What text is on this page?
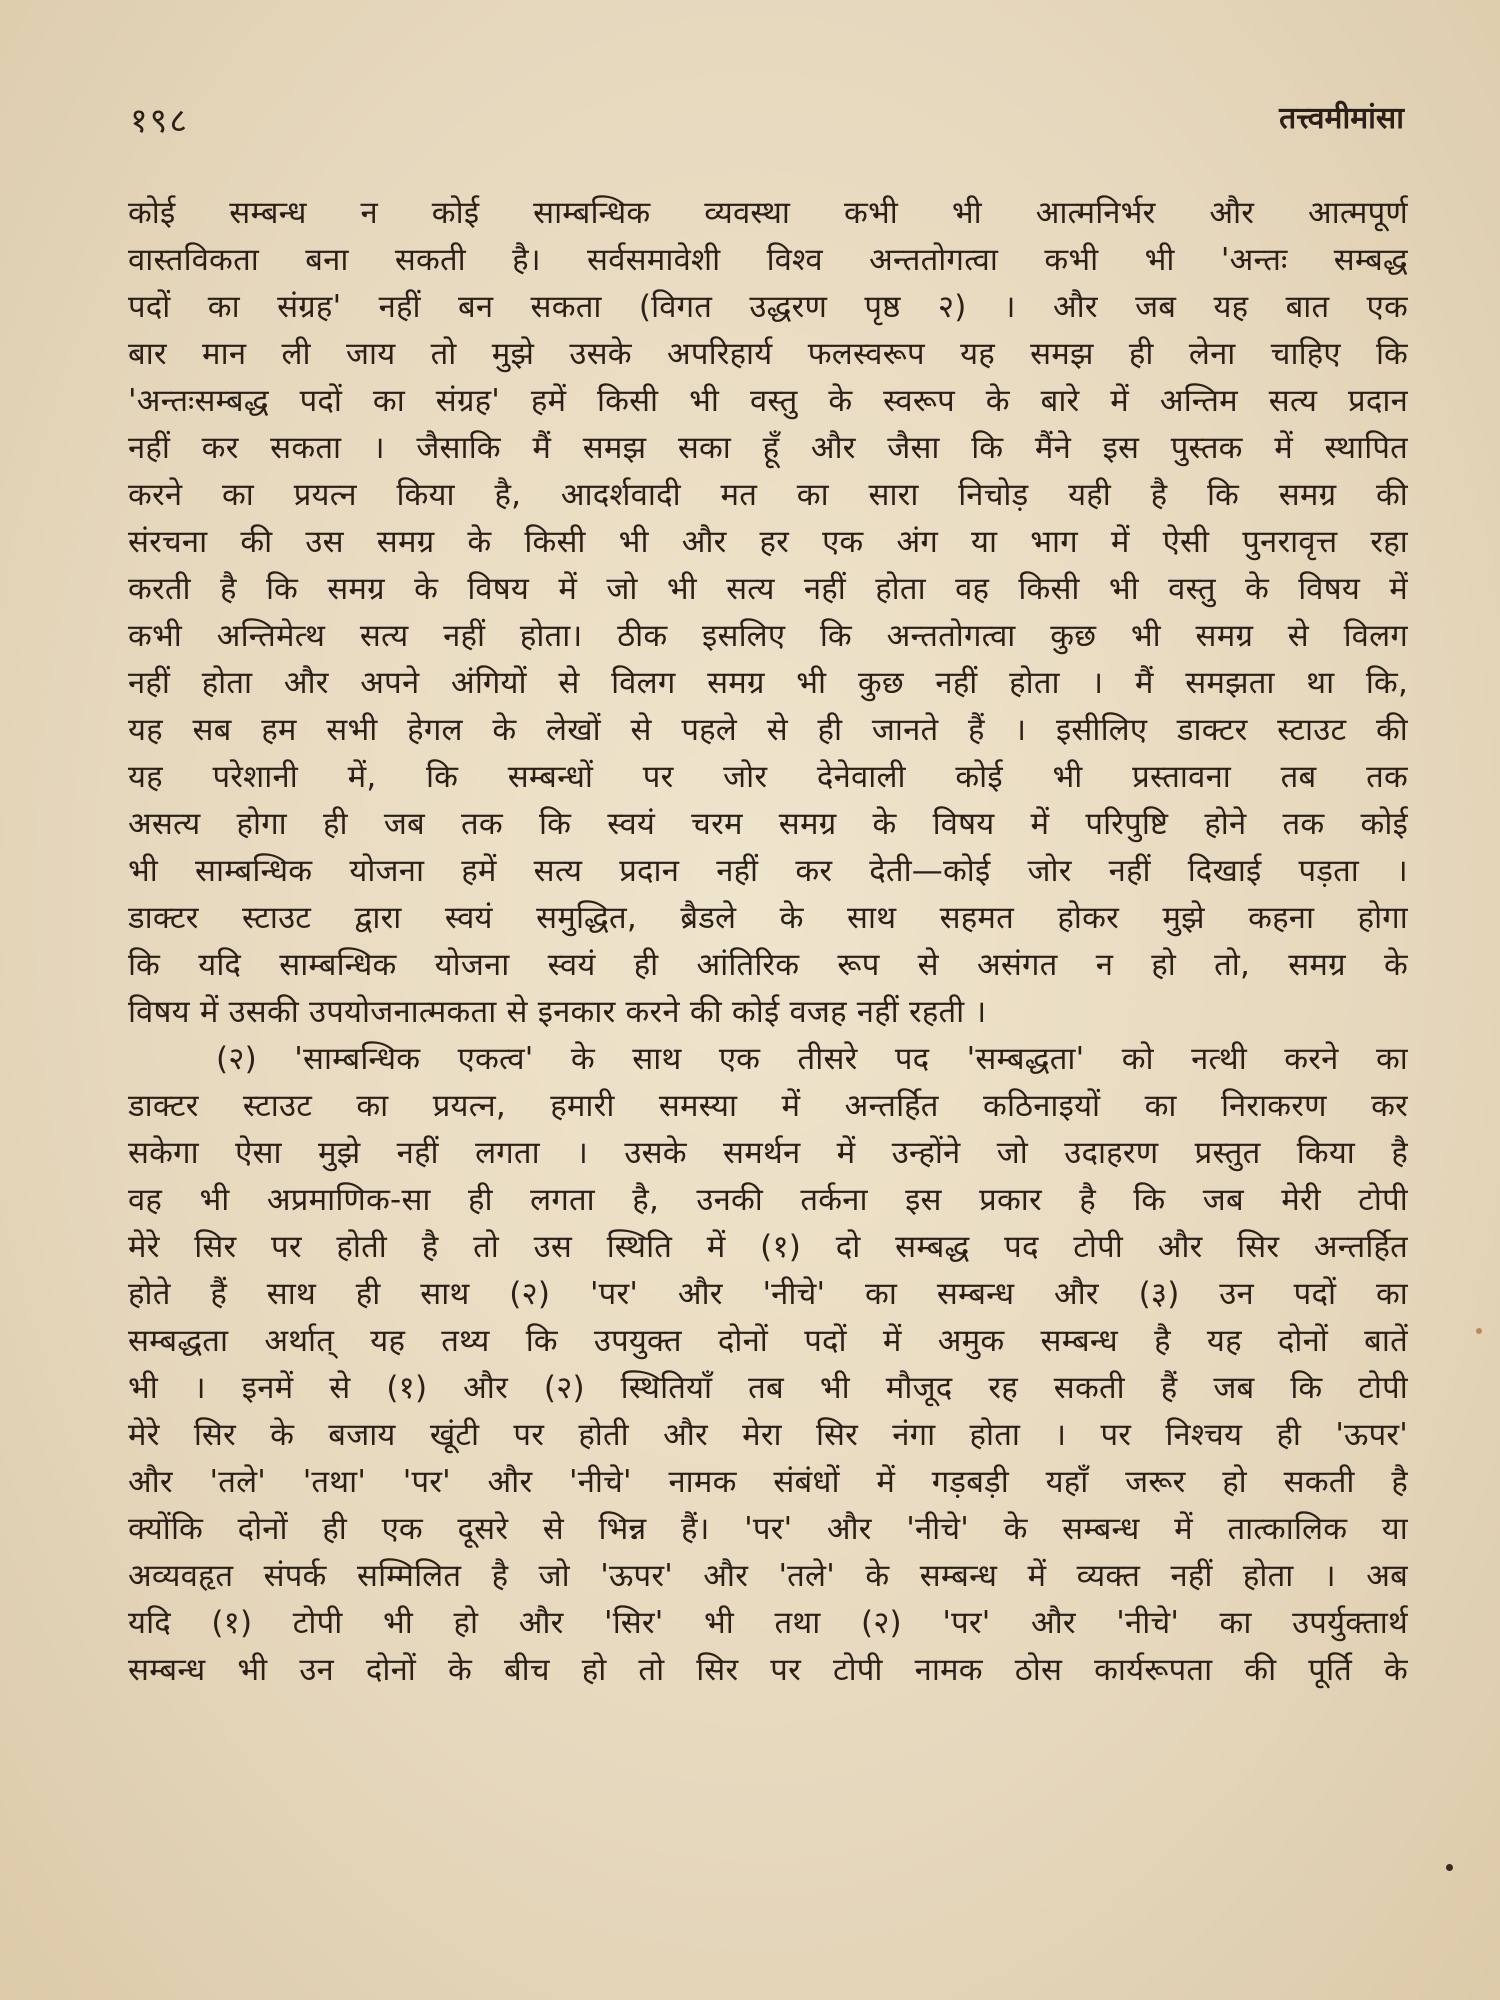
१९८	तत्त्वमीमांसा
कोई सम्बन्ध न कोई साम्बन्धिक व्यवस्था कभी भी आत्मनिर्भर और आत्मपूर्ण
वास्तविकता बना सकती है। सर्वसमावेशी विश्व अन्ततोगत्वा कभी भी 'अन्तः सम्बद्ध
पदों का संग्रह' नहीं बन सकता (विगत उद्धरण पृष्ठ २) । और जब यह बात एक
बार मान ली जाय तो मुझे उसके अपरिहार्य फलस्वरूप यह समझ ही लेना चाहिए कि
'अन्तःसम्बद्ध पदों का संग्रह' हमें किसी भी वस्तु के स्वरूप के बारे में अन्तिम सत्य प्रदान
नहीं कर सकता । जैसाकि मैं समझ सका हूँ और जैसा कि मैंने इस पुस्तक में स्थापित
करने का प्रयत्न किया है, आदर्शवादी मत का सारा निचोड़ यही है कि समग्र की
संरचना की उस समग्र के किसी भी और हर एक अंग या भाग में ऐसी पुनरावृत्त रहा
करती है कि समग्र के विषय में जो भी सत्य नहीं होता वह किसी भी वस्तु के विषय में
कभी अन्तिमेत्थ सत्य नहीं होता। ठीक इसलिए कि अन्ततोगत्वा कुछ भी समग्र से विलग
नहीं होता और अपने अंगियों से विलग समग्र भी कुछ नहीं होता । मैं समझता था कि,
यह सब हम सभी हेगल के लेखों से पहले से ही जानते हैं । इसीलिए डाक्टर स्टाउट की
यह परेशानी में, कि सम्बन्धों पर जोर देनेवाली कोई भी प्रस्तावना तब तक
असत्य होगा ही जब तक कि स्वयं चरम समग्र के विषय में परिपुष्टि होने तक कोई
भी साम्बन्धिक योजना हमें सत्य प्रदान नहीं कर देती—कोई जोर नहीं दिखाई पड़ता ।
डाक्टर स्टाउट द्वारा स्वयं समुद्धित, ब्रैडले के साथ सहमत होकर मुझे कहना होगा
कि यदि साम्बन्धिक योजना स्वयं ही आंतिरिक रूप से असंगत न हो तो, समग्र के
विषय में उसकी उपयोजनात्मकता से इनकार करने की कोई वजह नहीं रहती ।
(२) 'साम्बन्धिक एकत्व' के साथ एक तीसरे पद 'सम्बद्धता' को नत्थी करने का
डाक्टर स्टाउट का प्रयत्न, हमारी समस्या में अन्तर्हित कठिनाइयों का निराकरण कर
सकेगा ऐसा मुझे नहीं लगता । उसके समर्थन में उन्होंने जो उदाहरण प्रस्तुत किया है
वह भी अप्रमाणिक-सा ही लगता है, उनकी तर्कना इस प्रकार है कि जब मेरी टोपी
मेरे सिर पर होती है तो उस स्थिति में (१) दो सम्बद्ध पद टोपी और सिर अन्तर्हित
होते हैं साथ ही साथ (२) 'पर' और 'नीचे' का सम्बन्ध और (३) उन पदों का
सम्बद्धता अर्थात् यह तथ्य कि उपयुक्त दोनों पदों में अमुक सम्बन्ध है यह दोनों बातें
भी । इनमें से (१) और (२) स्थितियाँ तब भी मौजूद रह सकती हैं जब कि टोपी
मेरे सिर के बजाय खूंटी पर होती और मेरा सिर नंगा होता । पर निश्चय ही 'ऊपर'
और 'तले' 'तथा' 'पर' और 'नीचे' नामक संबंधों में गड़बड़ी यहाँ जरूर हो सकती है
क्योंकि दोनों ही एक दूसरे से भिन्न हैं। 'पर' और 'नीचे' के सम्बन्ध में तात्कालिक या
अव्यवहृत संपर्क सम्मिलित है जो 'ऊपर' और 'तले' के सम्बन्ध में व्यक्त नहीं होता । अब
यदि (१) टोपी भी हो और 'सिर' भी तथा (२) 'पर' और 'नीचे' का उपर्युक्तार्थ
सम्बन्ध भी उन दोनों के बीच हो तो सिर पर टोपी नामक ठोस कार्यरूपता की पूर्ति के
